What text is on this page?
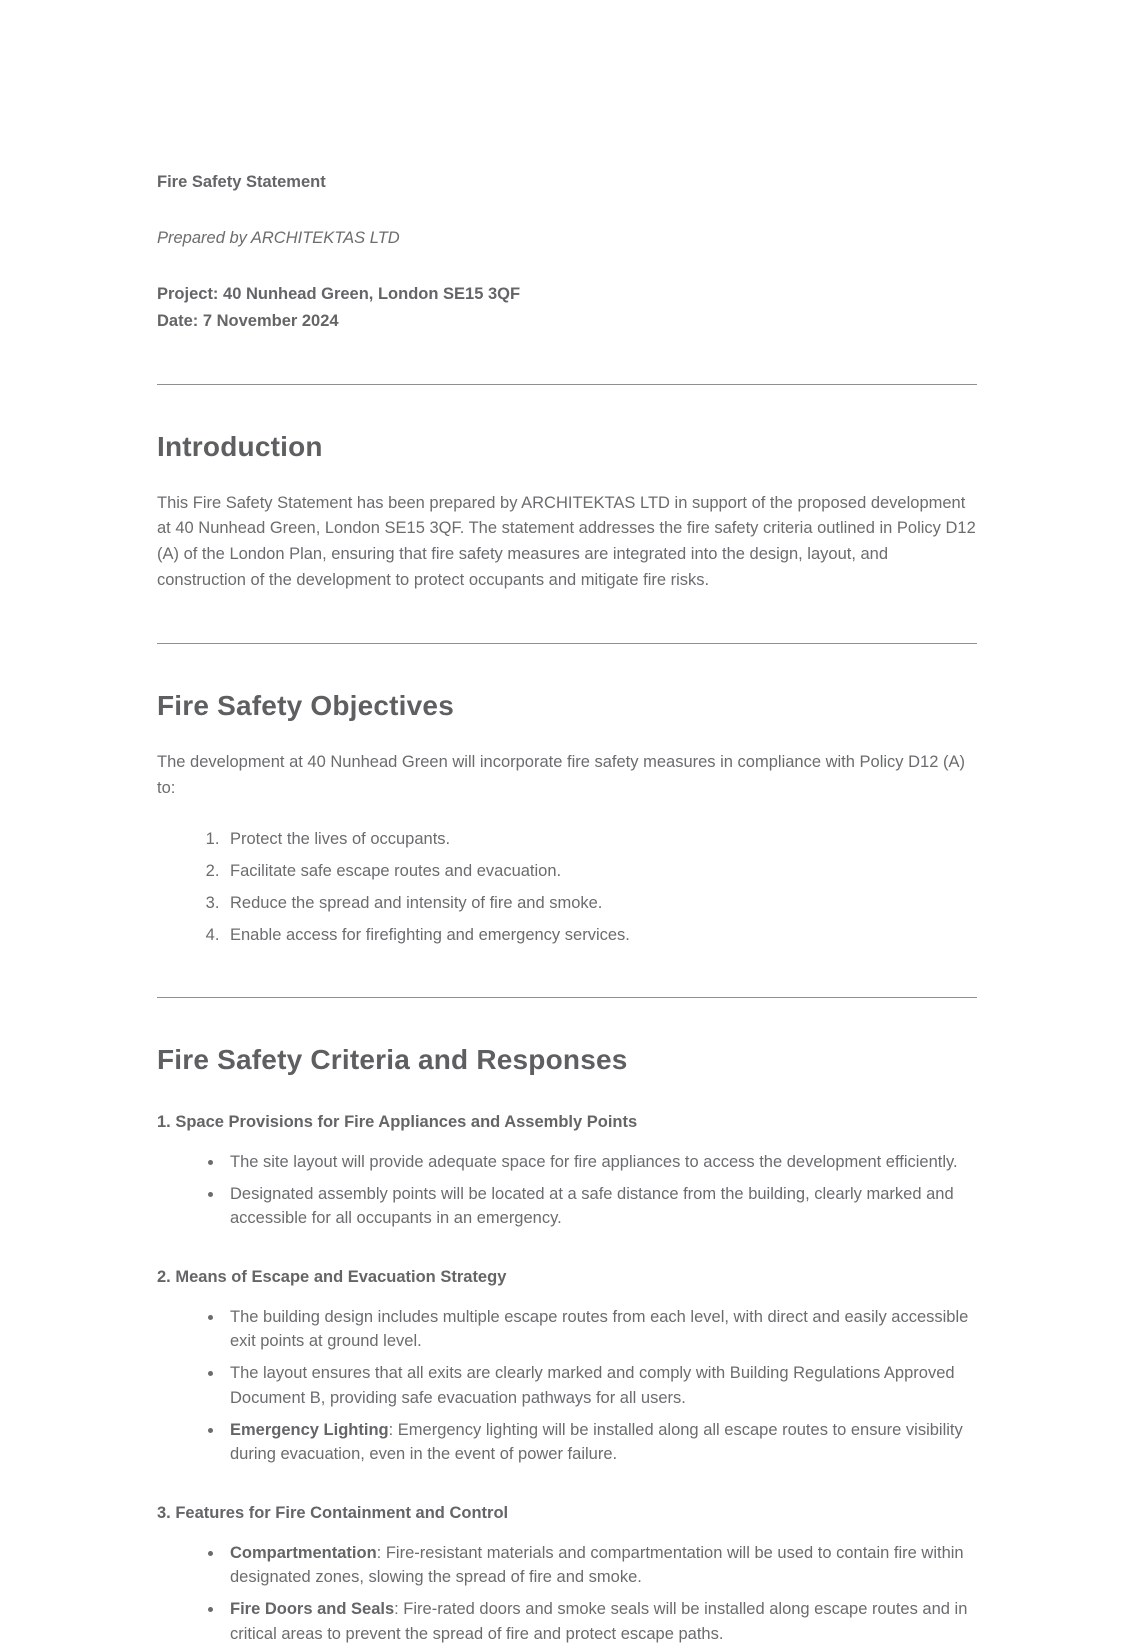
Fire Safety Statement

Prepared by ARCHITEKTAS LTD

Project: 40 Nunhead Green, London SE15 3QF

Date: 7 November 2024

Introduction

This Fire Safety Statement has been prepared by ARCHITEKTAS LTD in support of the proposed development at 40 Nunhead Green, London SE15 3QF. The statement addresses the fire safety criteria outlined in Policy D12 (A) of the London Plan, ensuring that fire safety measures are integrated into the design, layout, and construction of the development to protect occupants and mitigate fire risks.

Fire Safety Objectives

The development at 40 Nunhead Green will incorporate fire safety measures in compliance with Policy D12 (A) to:

1. Protect the lives of occupants.
2. Facilitate safe escape routes and evacuation.
3. Reduce the spread and intensity of fire and smoke.
4. Enable access for firefighting and emergency services.
Fire Safety Criteria and Responses

1. Space Provisions for Fire Appliances and Assembly Points

• The site layout will provide adequate space for fire appliances to access the development efficiently.
• Designated assembly points will be located at a safe distance from the building, clearly marked and accessible for all occupants in an emergency.

2. Means of Escape and Evacuation Strategy

• The building design includes multiple escape routes from each level, with direct and easily accessible exit points at ground level.
• The layout ensures that all exits are clearly marked and comply with Building Regulations Approved Document B, providing safe evacuation pathways for all users.
• Emergency Lighting: Emergency lighting will be installed along all escape routes to ensure visibility during evacuation, even in the event of power failure.

3. Features for Fire Containment and Control

• Compartmentation: Fire-resistant materials and compartmentation will be used to contain fire within designated zones, slowing the spread of fire and smoke.
• Fire Doors and Seals: Fire-rated doors and smoke seals will be installed along escape routes and in critical areas to prevent the spread of fire and protect escape paths.
